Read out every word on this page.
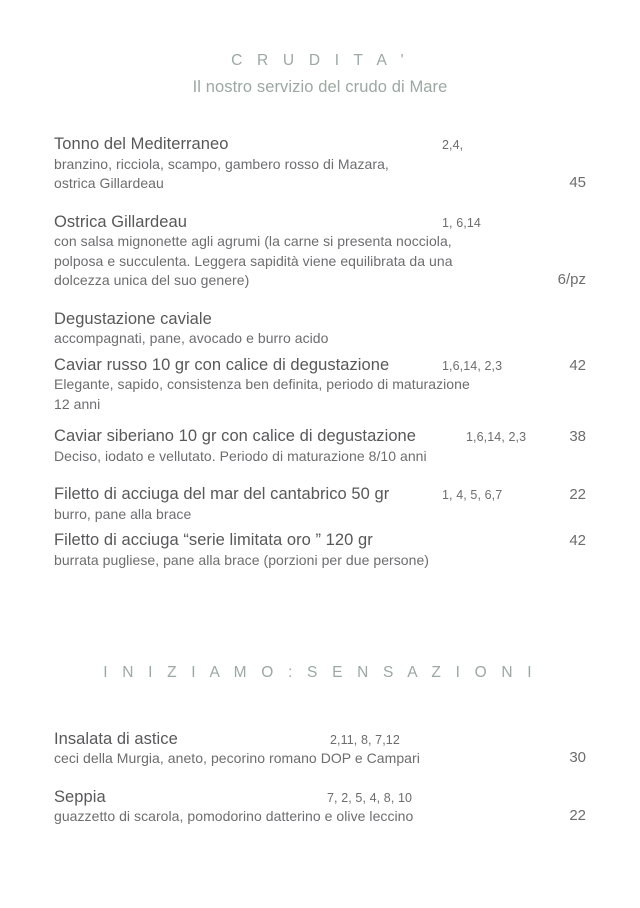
C R U D I T A '
Il nostro servizio del crudo di Mare
Tonno del Mediterraneo	2,4,
branzino, ricciola, scampo, gambero rosso di Mazara,
ostrica Gillardeau	45
Ostrica Gillardeau	1, 6,14
con salsa mignonette agli agrumi (la carne si presenta nocciola,
polposa e succulenta. Leggera sapidità viene equilibrata da una
dolcezza unica del suo genere)	6/pz
Degustazione caviale
accompagnati, pane, avocado e burro acido
Caviar russo 10 gr con calice di degustazione	1,6,14, 2,3	42
Elegante, sapido, consistenza ben definita, periodo di maturazione
12 anni
Caviar siberiano 10 gr con calice di degustazione	1,6,14, 2,3	38
Deciso, iodato e vellutato. Periodo di maturazione 8/10 anni
Filetto di acciuga del mar del cantabrico 50 gr	1, 4, 5, 6,7	22
burro, pane alla brace
Filetto di acciuga “serie limitata oro ” 120 gr	42
burrata pugliese, pane alla brace (porzioni per due persone)
I N I Z I A M O : S E N S A Z I O N I
Insalata di astice	2,11, 8, 7,12
ceci della Murgia, aneto, pecorino romano DOP e Campari	30
Seppia	7, 2, 5, 4, 8, 10
guazzetto di scarola, pomodorino datterino e olive leccino	22
